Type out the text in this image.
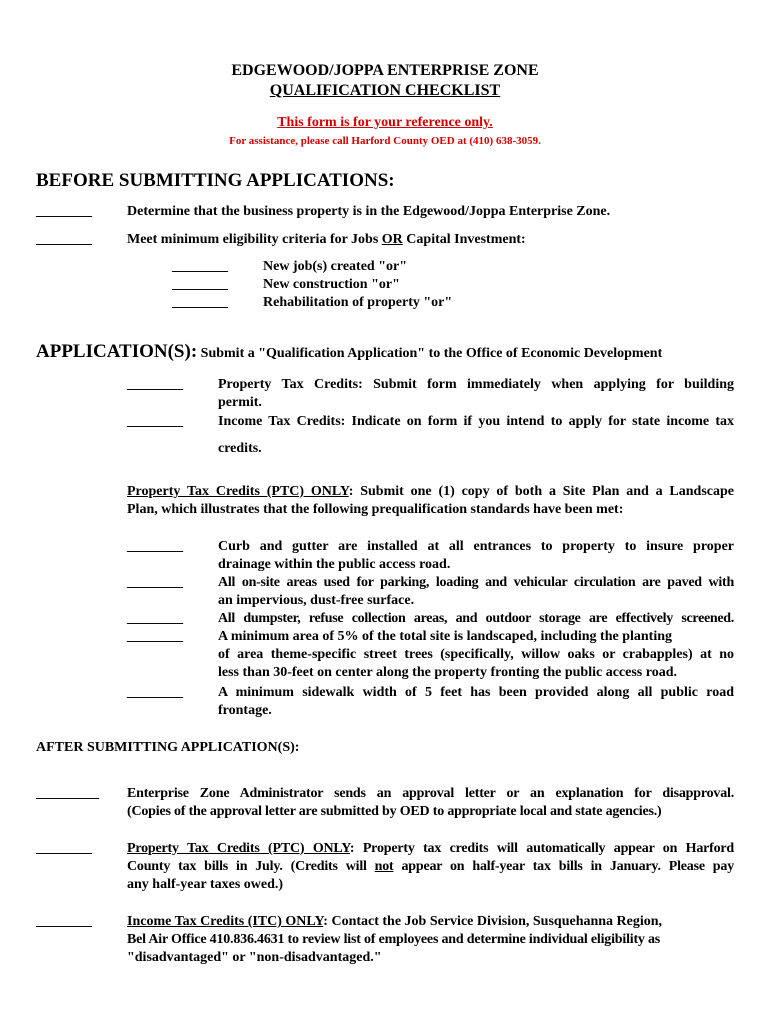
EDGEWOOD/JOPPA ENTERPRISE ZONE
QUALIFICATION CHECKLIST
This form is for your reference only.
For assistance, please call Harford County OED at (410) 638-3059.
BEFORE SUBMITTING APPLICATIONS:
________	Determine that the business property is in the Edgewood/Joppa Enterprise Zone.
________	Meet minimum eligibility criteria for Jobs OR Capital Investment:
________	New job(s) created "or"
________	New construction "or"
________	Rehabilitation of property "or"
APPLICATION(S): Submit a "Qualification Application" to the Office of Economic Development
________	Property Tax Credits: Submit form immediately when applying for building
permit.
________	Income Tax Credits: Indicate on form if you intend to apply for state income tax
credits.
Property Tax Credits (PTC) ONLY: Submit one (1) copy of both a Site Plan and a Landscape
Plan, which illustrates that the following prequalification standards have been met:
________	Curb and gutter are installed at all entrances to property to insure proper
drainage within the public access road.
________	All on-site areas used for parking, loading and vehicular circulation are paved with
an impervious, dust-free surface.
________	All dumpster, refuse collection areas, and outdoor storage are effectively screened.
________	A minimum area of 5% of the total site is landscaped, including the planting
of area theme-specific street trees (specifically, willow oaks or crabapples) at no
less than 30-feet on center along the property fronting the public access road.
________	A minimum sidewalk width of 5 feet has been provided along all public road
frontage.
AFTER SUBMITTING APPLICATION(S):
_________ Enterprise Zone Administrator sends an approval letter or an explanation for disapproval.
(Copies of the approval letter are submitted by OED to appropriate local and state agencies.)
________	Property Tax Credits (PTC) ONLY: Property tax credits will automatically appear on Harford
County tax bills in July. (Credits will not appear on half-year tax bills in January. Please pay
any half-year taxes owed.)
________	Income Tax Credits (ITC) ONLY: Contact the Job Service Division, Susquehanna Region,
Bel Air Office 410.836.4631 to review list of employees and determine individual eligibility as
"disadvantaged" or "non-disadvantaged."
